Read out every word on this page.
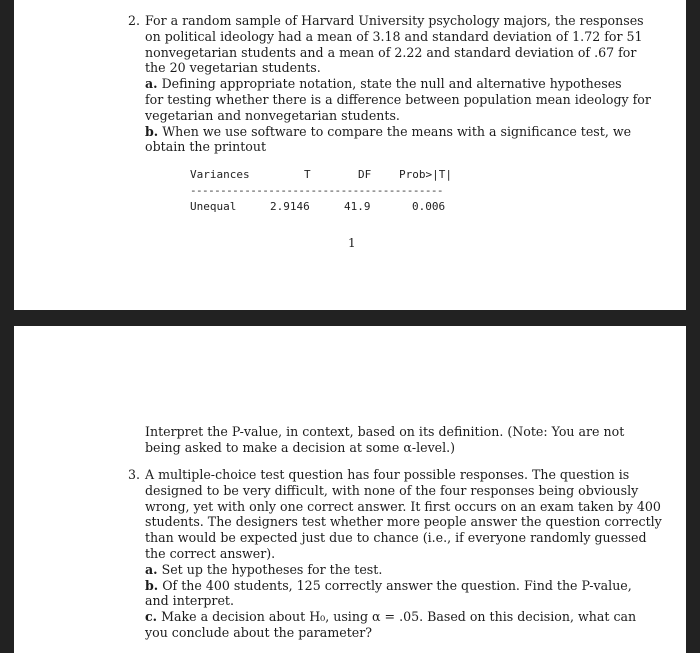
2. For a random sample of Harvard University psychology majors, the responses
on political ideology had a mean of 3.18 and standard deviation of 1.72 for 51
nonvegetarian students and a mean of 2.22 and standard deviation of .67 for
the 20 vegetarian students.
a. Defining appropriate notation, state the null and alternative hypotheses
for testing whether there is a difference between population mean ideology for
vegetarian and nonvegetarian students.
b. When we use software to compare the means with a significance test, we
obtain the printout
Variances	T	DF	Prob>|T|
------------------------------------------
Unequal	2.9146	41.9	0.006
1
Interpret the P-value, in context, based on its definition. (Note: You are not
being asked to make a decision at some α-level.)
3. A multiple-choice test question has four possible responses. The question is
designed to be very difficult, with none of the four responses being obviously
wrong, yet with only one correct answer. It first occurs on an exam taken by 400
students. The designers test whether more people answer the question correctly
than would be expected just due to chance (i.e., if everyone randomly guessed
the correct answer).
a. Set up the hypotheses for the test.
b. Of the 400 students, 125 correctly answer the question. Find the P-value,
and interpret.
c. Make a decision about H₀, using α = .05. Based on this decision, what can
you conclude about the parameter?
